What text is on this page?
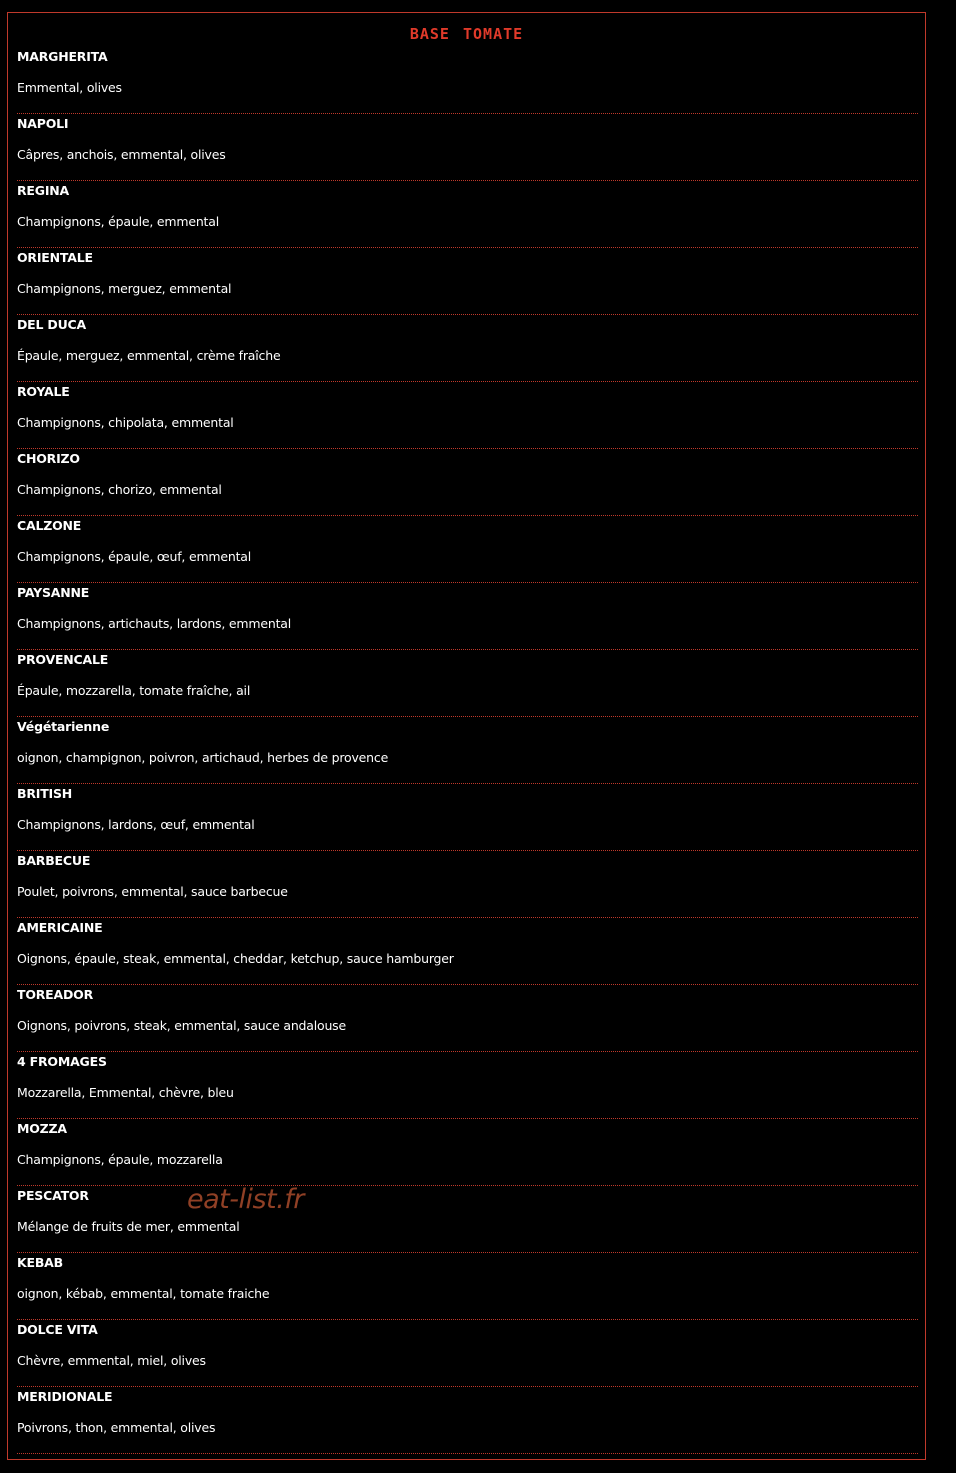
BASE TOMATE
MARGHERITA
Emmental, olives
NAPOLI
Câpres, anchois, emmental, olives
REGINA
Champignons, épaule, emmental
ORIENTALE
Champignons, merguez, emmental
DEL DUCA
Épaule, merguez, emmental, crème fraîche
ROYALE
Champignons, chipolata, emmental
CHORIZO
Champignons, chorizo, emmental
CALZONE
Champignons, épaule, œuf, emmental
PAYSANNE
Champignons, artichauts, lardons, emmental
PROVENCALE
Épaule, mozzarella, tomate fraîche, ail
Végétarienne
oignon, champignon, poivron, artichaud, herbes de provence
BRITISH
Champignons, lardons, œuf, emmental
BARBECUE
Poulet, poivrons, emmental, sauce barbecue
AMERICAINE
Oignons, épaule, steak, emmental, cheddar, ketchup, sauce hamburger
TOREADOR
Oignons, poivrons, steak, emmental, sauce andalouse
4 FROMAGES
Mozzarella, Emmental, chèvre, bleu
MOZZA
Champignons, épaule, mozzarella
PESCATOR
Mélange de fruits de mer, emmental
KEBAB
oignon, kébab, emmental, tomate fraiche
DOLCE VITA
Chèvre, emmental, miel, olives
MERIDIONALE
Poivrons, thon, emmental, olives
eat-list.fr
